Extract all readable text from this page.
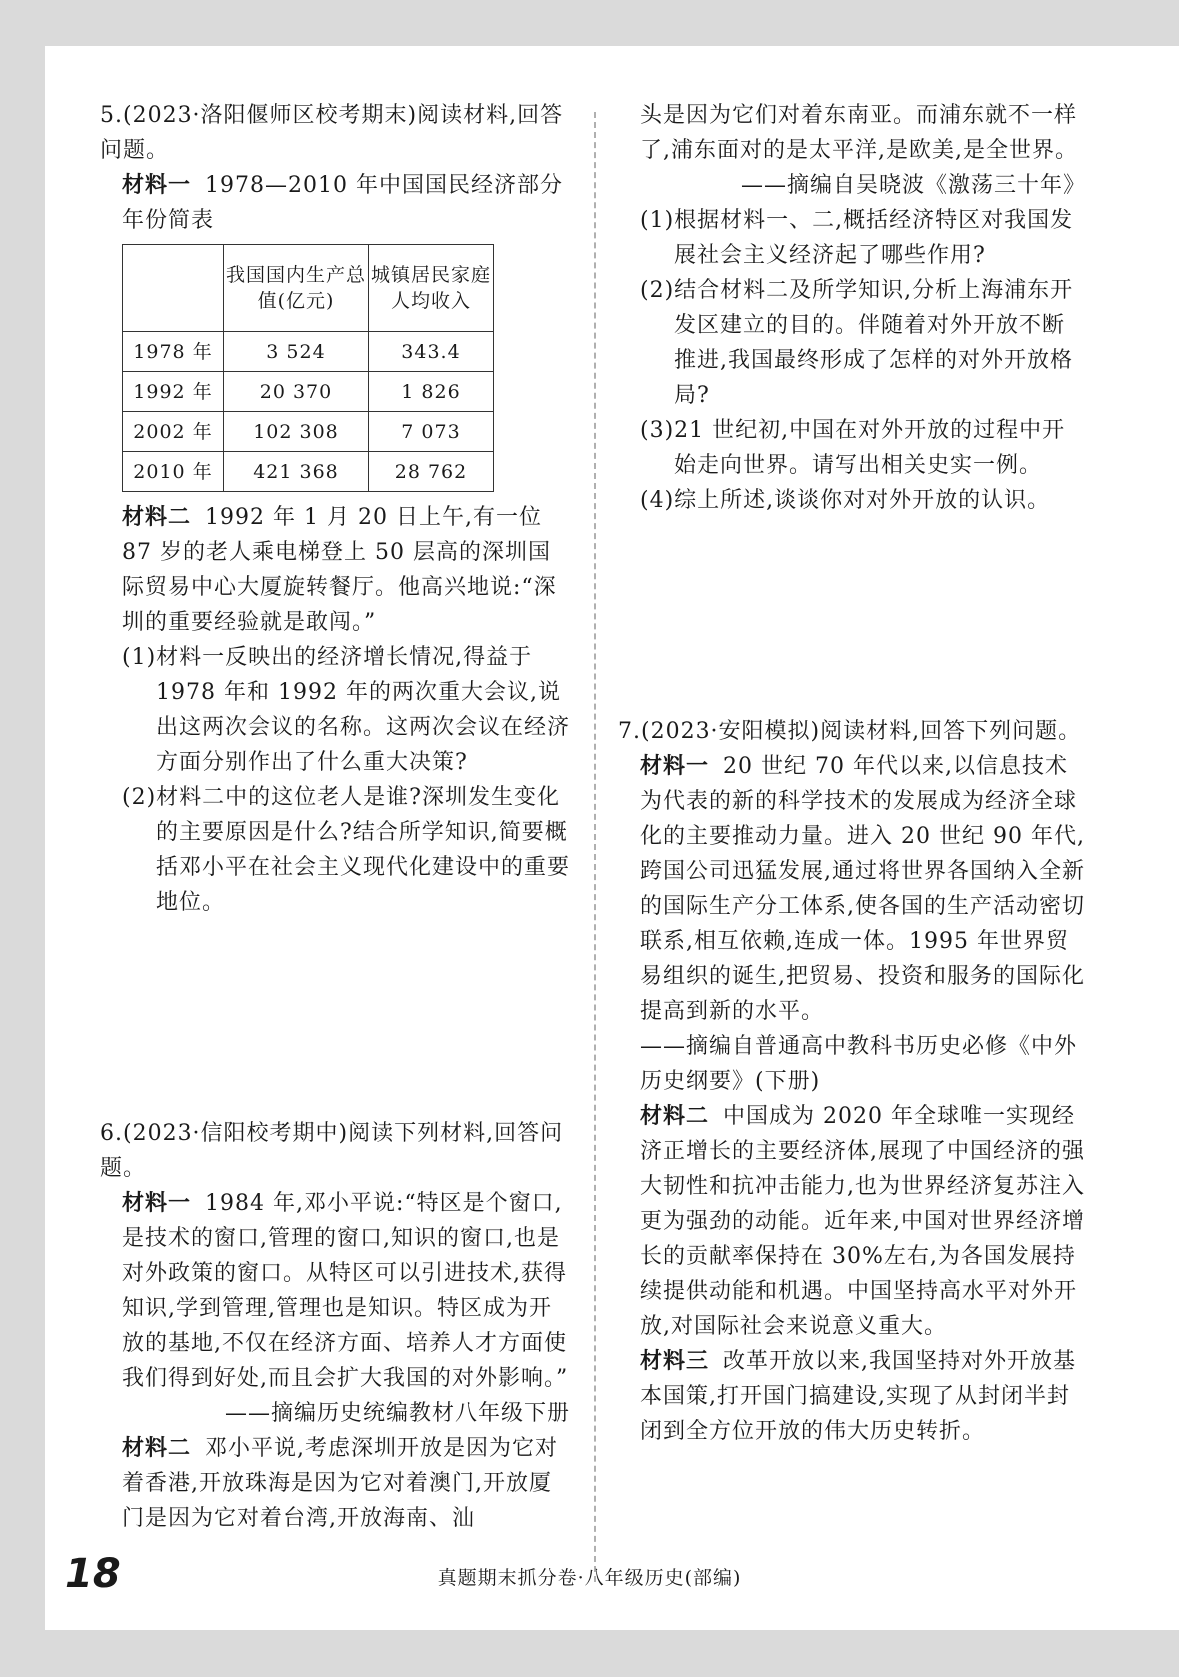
5.(2023·洛阳偃师区校考期末)阅读材料,回答问题。

材料一 1978—2010 年中国国民经济部分年份简表

	我国国内生产总值(亿元)	城镇居民家庭人均收入
1978 年	3 524	343.4
1992 年	20 370	1 826
2002 年	102 308	7 073
2010 年	421 368	28 762

材料二 1992 年 1 月 20 日上午,有一位 87 岁的老人乘电梯登上 50 层高的深圳国际贸易中心大厦旋转餐厅。他高兴地说:“深圳的重要经验就是敢闯。”

(1)材料一反映出的经济增长情况,得益于1978 年和 1992 年的两次重大会议,说出这两次会议的名称。这两次会议在经济方面分别作出了什么重大决策?

(2)材料二中的这位老人是谁?深圳发生变化的主要原因是什么?结合所学知识,简要概括邓小平在社会主义现代化建设中的重要地位。

6.(2023·信阳校考期中)阅读下列材料,回答问题。

材料一 1984 年,邓小平说:“特区是个窗口,是技术的窗口,管理的窗口,知识的窗口,也是对外政策的窗口。从特区可以引进技术,获得知识,学到管理,管理也是知识。特区成为开放的基地,不仅在经济方面、培养人才方面使我们得到好处,而且会扩大我国的对外影响。”

——摘编历史统编教材八年级下册

材料二 邓小平说,考虑深圳开放是因为它对着香港,开放珠海是因为它对着澳门,开放厦门是因为它对着台湾,开放海南、汕

头是因为它们对着东南亚。而浦东就不一样了,浦东面对的是太平洋,是欧美,是全世界。

——摘编自吴晓波《激荡三十年》

(1)根据材料一、二,概括经济特区对我国发展社会主义经济起了哪些作用?

(2)结合材料二及所学知识,分析上海浦东开发区建立的目的。伴随着对外开放不断推进,我国最终形成了怎样的对外开放格局?

(3)21 世纪初,中国在对外开放的过程中开始走向世界。请写出相关史实一例。

(4)综上所述,谈谈你对对外开放的认识。

7.(2023·安阳模拟)阅读材料,回答下列问题。

材料一 20 世纪 70 年代以来,以信息技术为代表的新的科学技术的发展成为经济全球化的主要推动力量。进入 20 世纪 90 年代,跨国公司迅猛发展,通过将世界各国纳入全新的国际生产分工体系,使各国的生产活动密切联系,相互依赖,连成一体。1995 年世界贸易组织的诞生,把贸易、投资和服务的国际化提高到新的水平。

——摘编自普通高中教科书历史必修《中外历史纲要》(下册)

材料二 中国成为 2020 年全球唯一实现经济正增长的主要经济体,展现了中国经济的强大韧性和抗冲击能力,也为世界经济复苏注入更为强劲的动能。近年来,中国对世界经济增长的贡献率保持在 30%左右,为各国发展持续提供动能和机遇。中国坚持高水平对外开放,对国际社会来说意义重大。

材料三 改革开放以来,我国坚持对外开放基本国策,打开国门搞建设,实现了从封闭半封闭到全方位开放的伟大历史转折。

18	真题期末抓分卷·八年级历史(部编)
